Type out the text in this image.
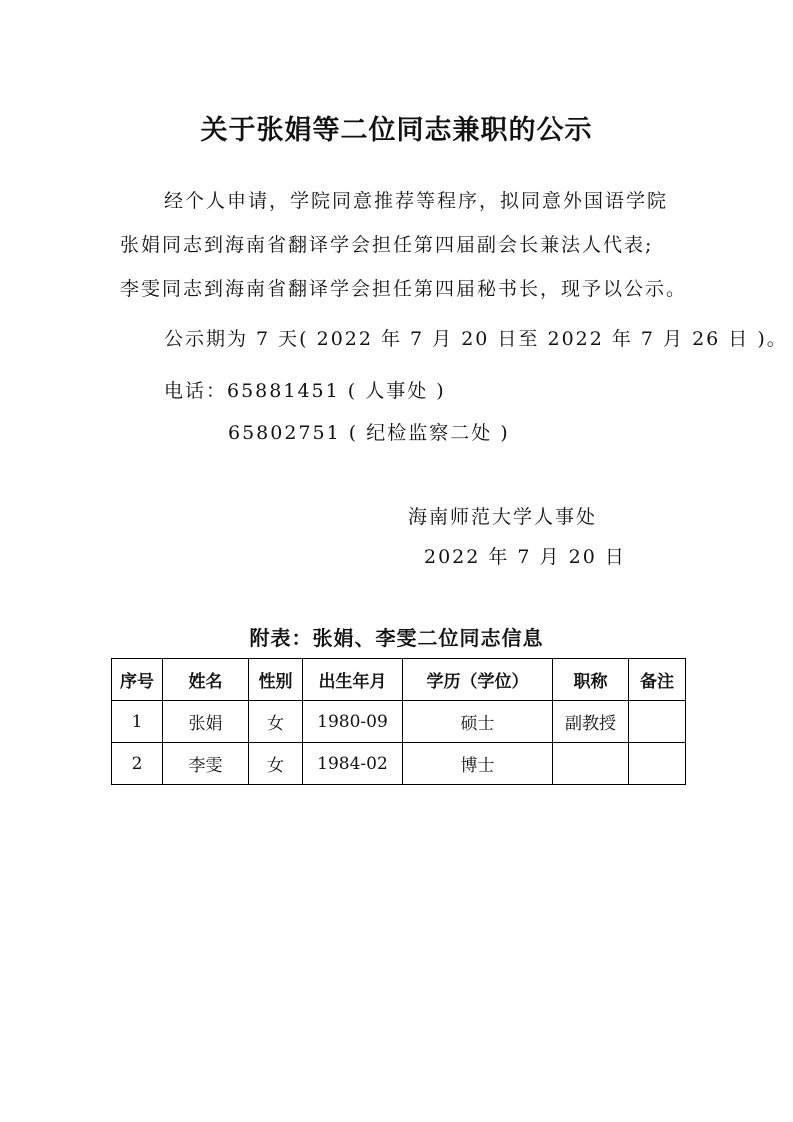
关于张娟等二位同志兼职的公示

经个人申请，学院同意推荐等程序，拟同意外国语学院

张娟同志到海南省翻译学会担任第四届副会长兼法人代表;

李雯同志到海南省翻译学会担任第四届秘书长，现予以公示。

公示期为 7 天( 2022 年 7 月 20 日至 2022 年 7 月 26 日 )。

电话：65881451 ( 人事处 )

65802751 ( 纪检监察二处 )

海南师范大学人事处

2022 年 7 月 20 日

附表：张娟、李雯二位同志信息
序号	姓名	性别	出生年月	学历（学位）	职称	备注
1	张娟	女	1980-09	硕士	副教授	
2	李雯	女	1984-02	博士		
